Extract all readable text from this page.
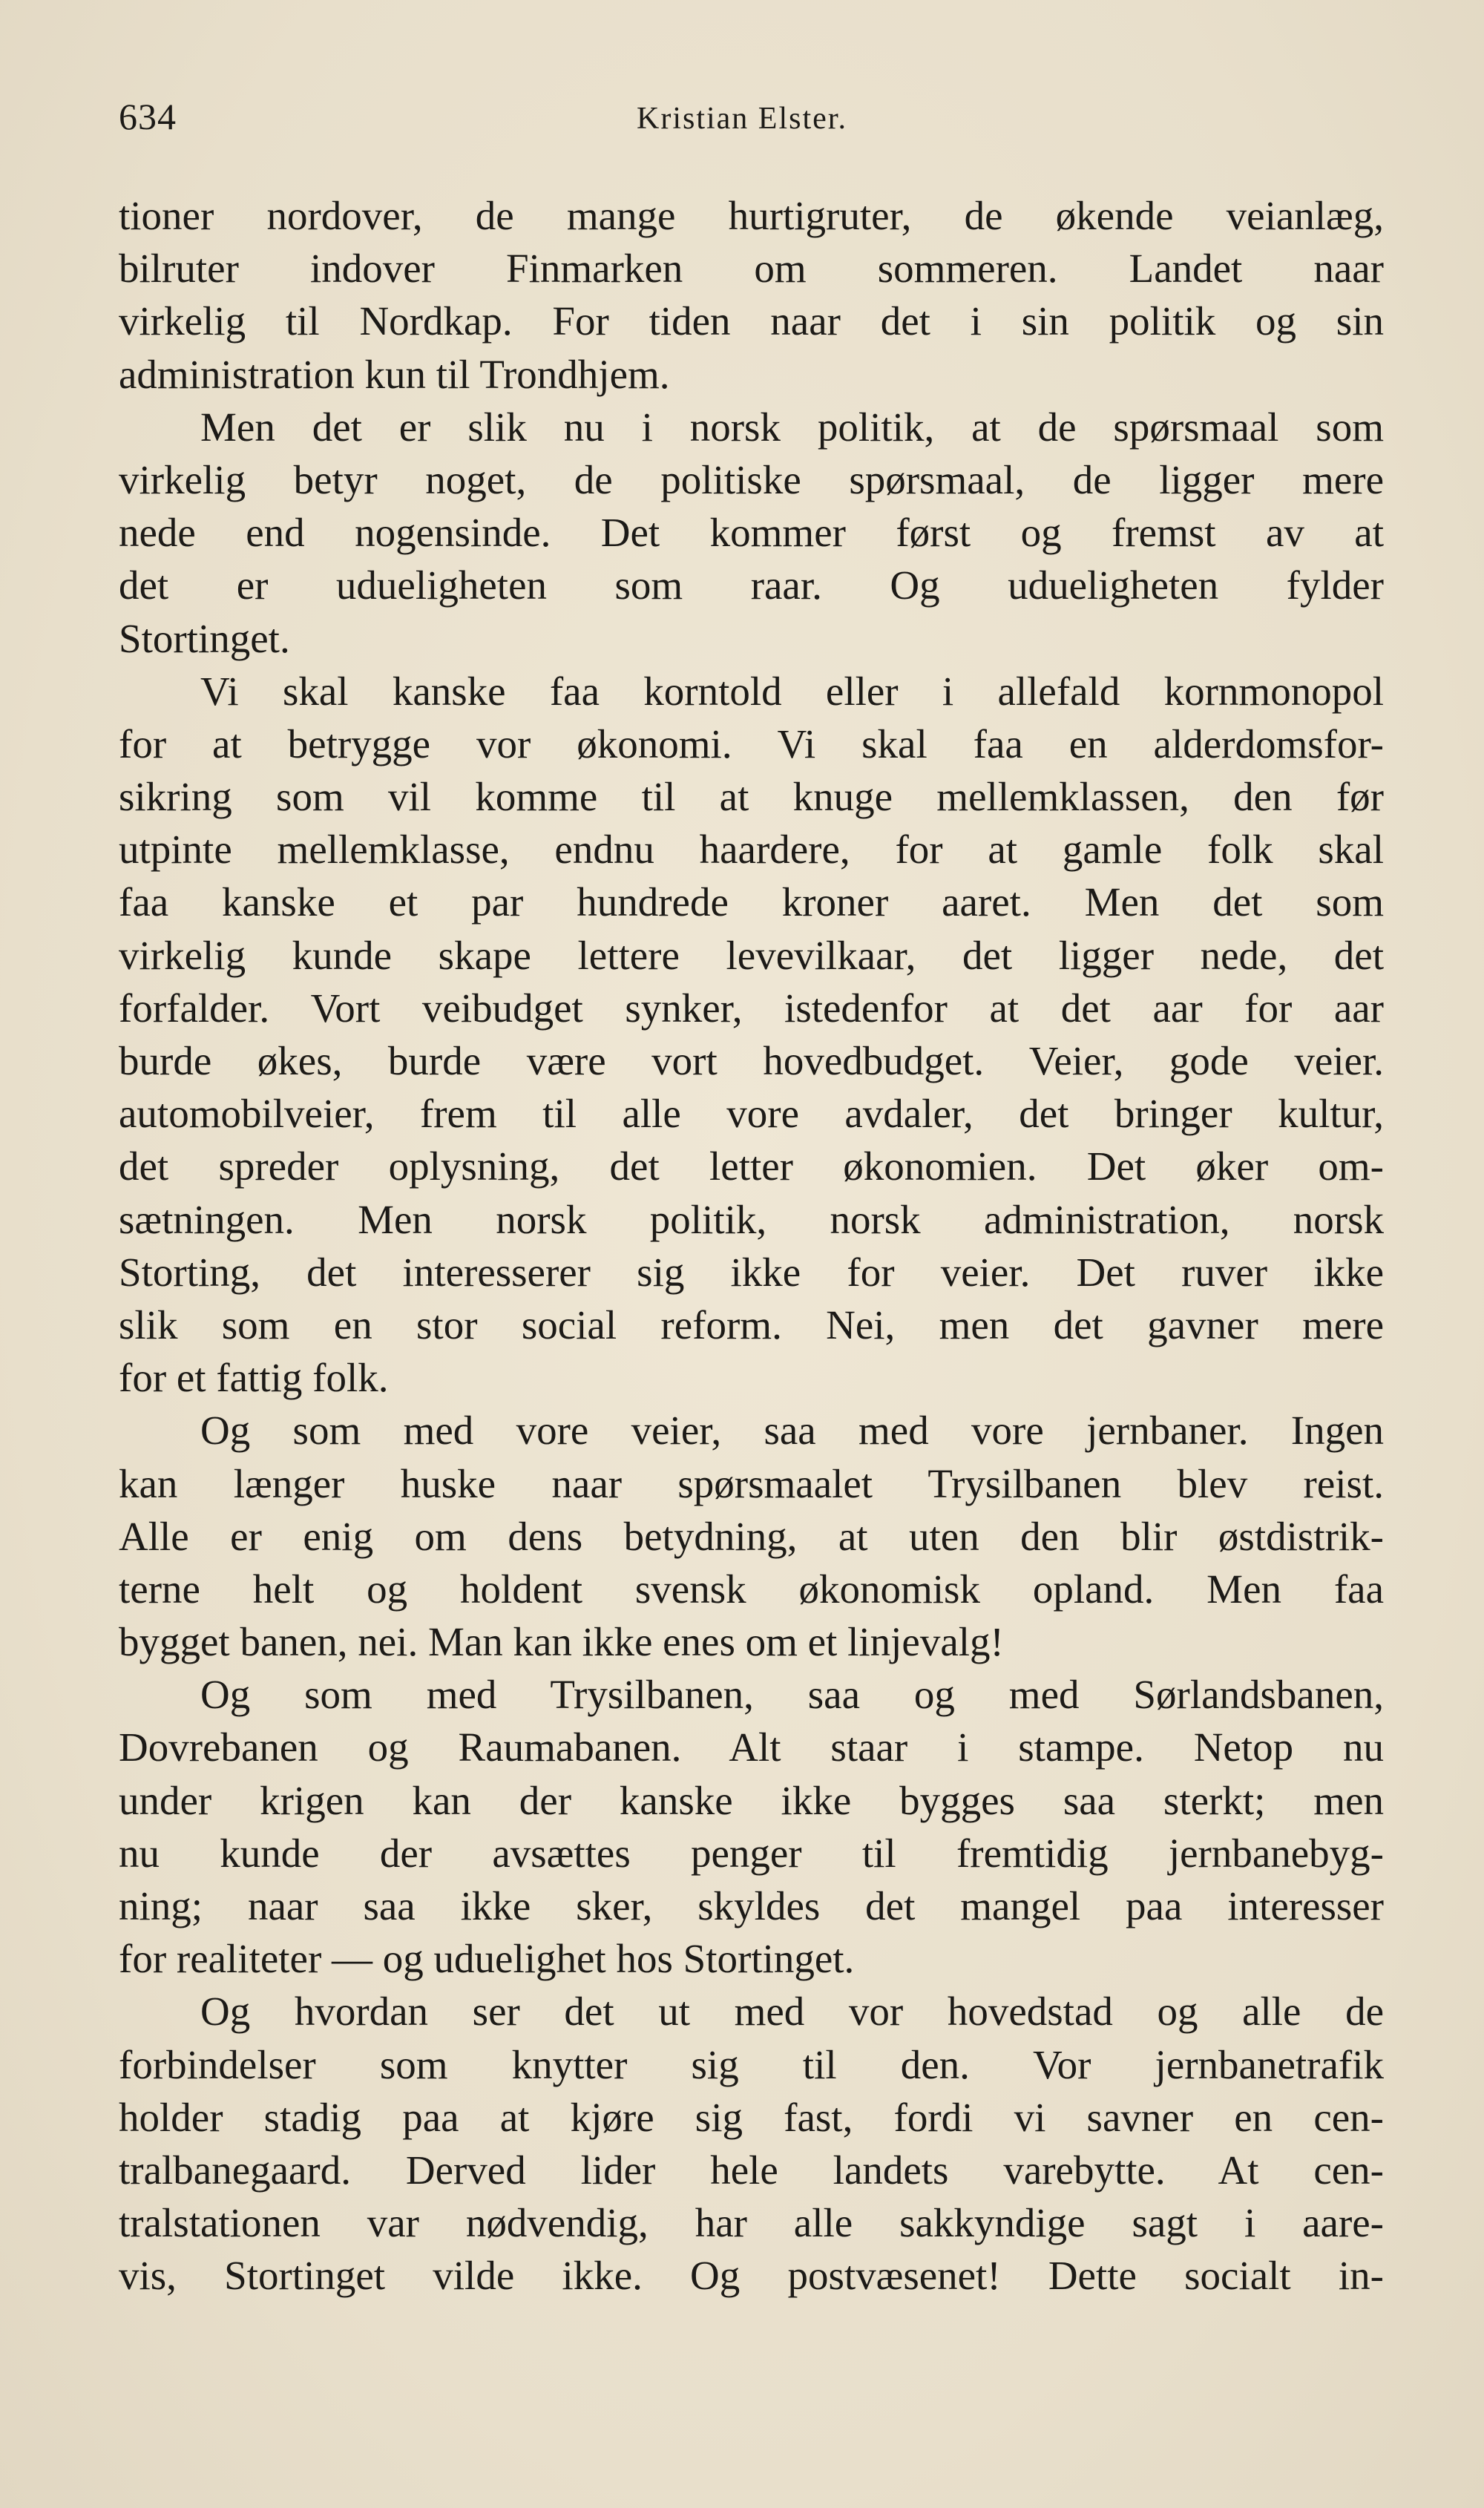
634	Kristian Elster.
tioner nordover, de mange hurtigruter, de økende veianlæg,
bilruter indover Finmarken om sommeren. Landet naar
virkelig til Nordkap. For tiden naar det i sin politik og sin
administration kun til Trondhjem.
Men det er slik nu i norsk politik, at de spørsmaal som
virkelig betyr noget, de politiske spørsmaal, de ligger mere
nede end nogensinde. Det kommer først og fremst av at
det er udueligheten som raar. Og udueligheten fylder
Stortinget.
Vi skal kanske faa korntold eller i allefald kornmonopol
for at betrygge vor økonomi. Vi skal faa en alderdomsfor-
sikring som vil komme til at knuge mellemklassen, den før
utpinte mellemklasse, endnu haardere, for at gamle folk skal
faa kanske et par hundrede kroner aaret. Men det som
virkelig kunde skape lettere levevilkaar, det ligger nede, det
forfalder. Vort veibudget synker, istedenfor at det aar for aar
burde økes, burde være vort hovedbudget. Veier, gode veier.
automobilveier, frem til alle vore avdaler, det bringer kultur,
det spreder oplysning, det letter økonomien. Det øker om-
sætningen. Men norsk politik, norsk administration, norsk
Storting, det interesserer sig ikke for veier. Det ruver ikke
slik som en stor social reform. Nei, men det gavner mere
for et fattig folk.
Og som med vore veier, saa med vore jernbaner. Ingen
kan længer huske naar spørsmaalet Trysilbanen blev reist.
Alle er enig om dens betydning, at uten den blir østdistrik-
terne helt og holdent svensk økonomisk opland. Men faa
bygget banen, nei. Man kan ikke enes om et linjevalg!
Og som med Trysilbanen, saa og med Sørlandsbanen,
Dovrebanen og Raumabanen. Alt staar i stampe. Netop nu
under krigen kan der kanske ikke bygges saa sterkt; men
nu kunde der avsættes penger til fremtidig jernbanebyg-
ning; naar saa ikke sker, skyldes det mangel paa interesser
for realiteter — og uduelighet hos Stortinget.
Og hvordan ser det ut med vor hovedstad og alle de
forbindelser som knytter sig til den. Vor jernbanetrafik
holder stadig paa at kjøre sig fast, fordi vi savner en cen-
tralbanegaard. Derved lider hele landets varebytte. At cen-
tralstationen var nødvendig, har alle sakkyndige sagt i aare-
vis, Stortinget vilde ikke. Og postvæsenet! Dette socialt in-
